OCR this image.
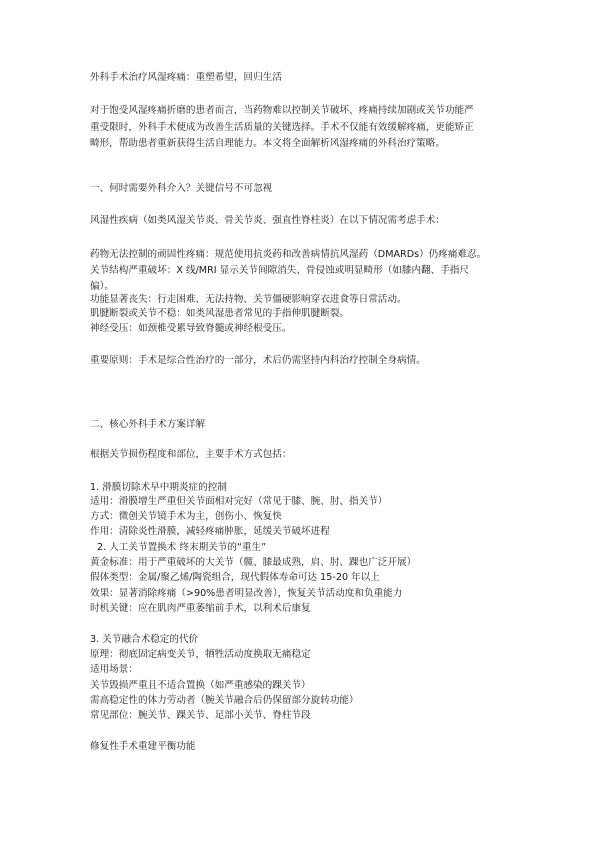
外科手术治疗风湿疼痛：重塑希望，回归生活
对于饱受风湿疼痛折磨的患者而言，当药物难以控制关节破坏、疼痛持续加剧或关节功能严
重受限时，外科手术便成为改善生活质量的关键选择。手术不仅能有效缓解疼痛，更能矫正
畸形，帮助患者重新获得生活自理能力。本文将全面解析风湿疼痛的外科治疗策略。
一、何时需要外科介入？关键信号不可忽视
风湿性疾病（如类风湿关节炎、骨关节炎、强直性脊柱炎）在以下情况需考虑手术：
药物无法控制的顽固性疼痛：规范使用抗炎药和改善病情抗风湿药（DMARDs）仍疼痛难忍。
关节结构严重破坏：X 线/MRI 显示关节间隙消失、骨侵蚀或明显畸形（如膝内翻、手指尺
偏）。
功能显著丧失：行走困难、无法持物、关节僵硬影响穿衣进食等日常活动。
肌腱断裂或关节不稳：如类风湿患者常见的手指伸肌腱断裂。
神经受压：如颈椎受累导致脊髓或神经根受压。
重要原则：手术是综合性治疗的一部分，术后仍需坚持内科治疗控制全身病情。
二、核心外科手术方案详解
根据关节损伤程度和部位，主要手术方式包括：
1. 滑膜切除术早中期炎症的控制
适用：滑膜增生严重但关节面相对完好（常见于膝、腕、肘、指关节）
方式：微创关节镜手术为主，创伤小、恢复快
作用：清除炎性滑膜，减轻疼痛肿胀，延缓关节破坏进程
2. 人工关节置换术 终末期关节的“重生”
黄金标准：用于严重破坏的大关节（髋、膝最成熟，肩、肘、踝也广泛开展）
假体类型：金属/聚乙烯/陶瓷组合，现代假体寿命可达 15-20 年以上
效果：显著消除疼痛（>90%患者明显改善），恢复关节活动度和负重能力
时机关键：应在肌肉严重萎缩前手术，以利术后康复
3. 关节融合术稳定的代价
原理：彻底固定病变关节，牺牲活动度换取无痛稳定
适用场景：
关节毁损严重且不适合置换（如严重感染的踝关节）
需高稳定性的体力劳动者（腕关节融合后仍保留部分旋转功能）
常见部位：腕关节、踝关节、足部小关节、脊柱节段
修复性手术重建平衡功能
